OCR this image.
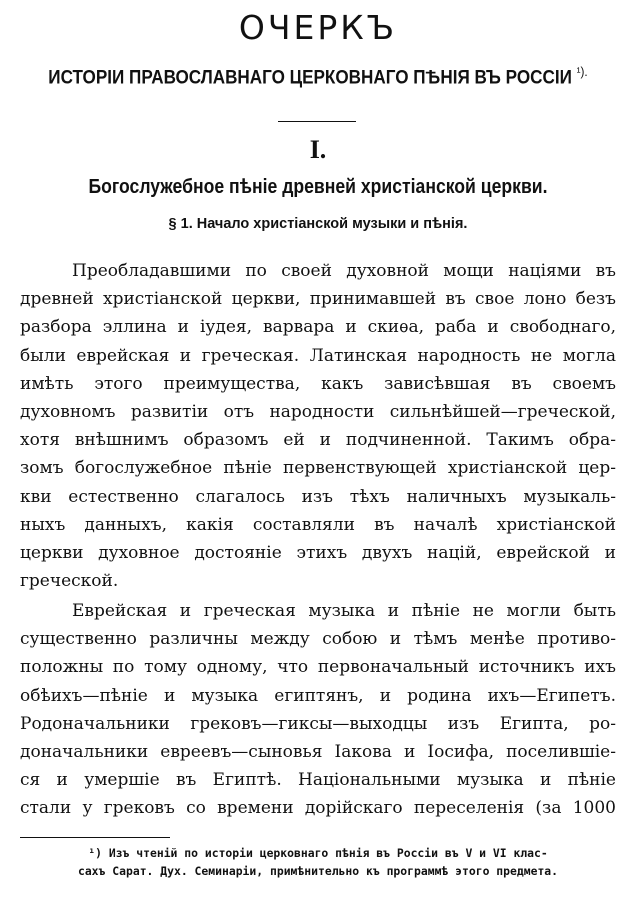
ОЧЕРКЪ
ИСТОРІИ ПРАВОСЛАВНАГО ЦЕРКОВНАГО ПѢНІЯ ВЪ РОССІИ $^{^1).}$
I.
Богослужебное пѣніе древней христіанской церкви.
§ 1. Начало христіанской музыки и пѣнія.

Преобладавшими по своей духовной мощи націями въ
древней христіанской церкви, принимавшей въ свое лоно безъ
разбора эллина и іудея, варвара и скиѳа, раба и свободнаго,
были еврейская и греческая. Латинская народность не могла
имѣть этого преимущества, какъ зависѣвшая въ своемъ
духовномъ развитіи отъ народности сильнѣйшей—греческой,
хотя внѣшнимъ образомъ ей и подчиненной. Такимъ обра-
зомъ богослужебное пѣніе первенствующей христіанской цер-
кви естественно слагалось изъ тѣхъ наличныхъ музыкаль-
ныхъ данныхъ, какія составляли въ началѣ христіанской
церкви духовное достояніе этихъ двухъ націй, еврейской и
греческой.

Еврейская и греческая музыка и пѣніе не могли быть
существенно различны между собою и тѣмъ менѣе противо-
положны по тому одному, что первоначальный источникъ ихъ
обѣихъ—пѣніе и музыка египтянъ, и родина ихъ—Египетъ.
Родоначальники грековъ—гиксы—выходцы изъ Египта, ро-
доначальники евреевъ—сыновья Іакова и Іосифа, поселившіе-
ся и умершіе въ Египтѣ. Національными музыка и пѣніе
стали у грековъ со времени дорійскаго переселенія (за 1000

¹) Изъ чтеній по исторіи церковнаго пѣнія въ Россіи въ V и VI клас-
сахъ Сарат. Дух. Семинаріи, примѣнительно къ программѣ этого предмета.
